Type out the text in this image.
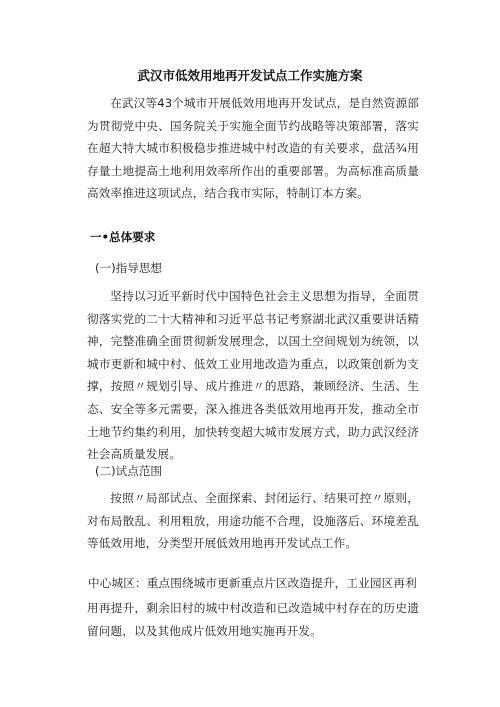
武汉市低效用地再开发试点工作实施方案

在武汉等43个城市开展低效用地再开发试点，是自然资源部为贯彻党中央、国务院关于实施全面节约战略等决策部署，落实在超大特大城市积极稳步推进城中村改造的有关要求，盘活¾用存量土地提高土地利用效率所作出的重要部署。为高标准高质量高效率推进这项试点，结合我市实际，特制订本方案。

一•总体要求
(一)指导思想

坚持以习近平新时代中国特色社会主义思想为指导，全面贯彻落实党的二十大精神和习近平总书记考察湖北武汉重要讲话精神，完整准确全面贯彻新发展理念，以国土空间规划为统领，以城市更新和城中村、低效工业用地改造为重点，以政策创新为支撑，按照〃规划引导、成片推进〃的思路，兼顾经济、生活、生态、安全等多元需要，深入推进各类低效用地再开发，推动全市土地节约集约利用，加快转变超大城市发展方式，助力武汉经济社会高质量发展。

(二)试点范围

按照〃局部试点、全面探索、封闭运行、结果可控〃原则，对布局散乱、利用粗放，用途功能不合理，设施落后、环境差乱等低效用地，分类型开展低效用地再开发试点工作。

中心城区：重点围绕城市更新重点片区改造提升，工业园区再利

用再提升，剩余旧村的城中村改造和已改造城中村存在的历史遗留问题，以及其他成片低效用地实施再开发。
